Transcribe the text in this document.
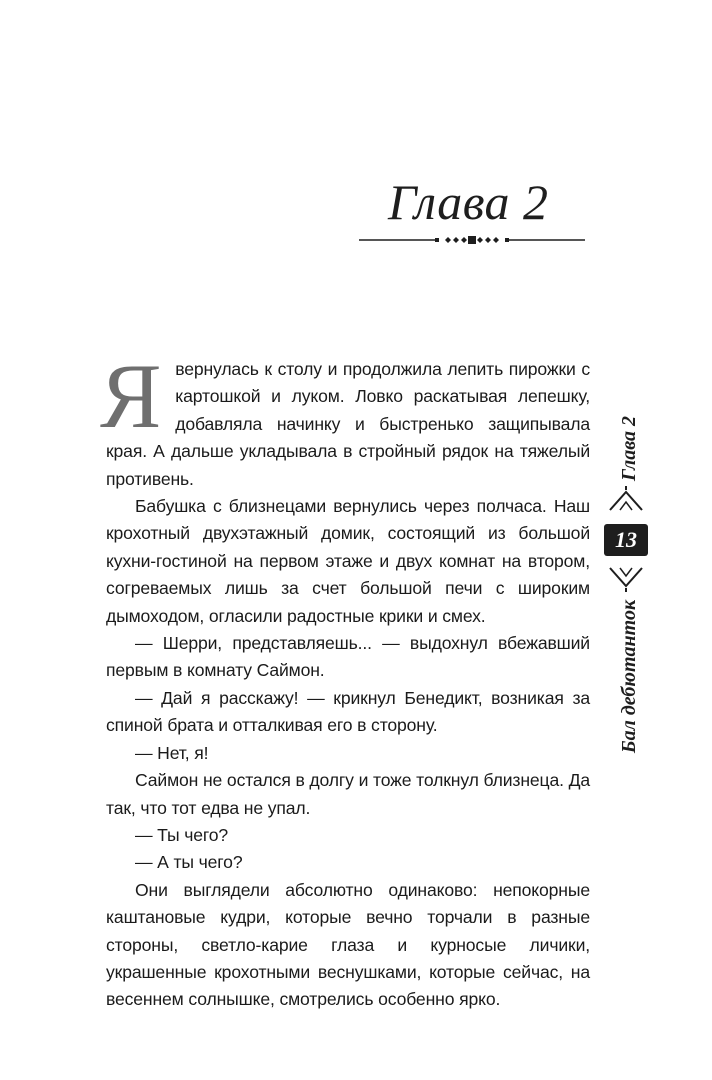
Глава 2

Явернулась к столу и продолжила лепить пирожки с картошкой и луком. Ловко раскатывая лепешку, добавляла начинку и быстренько защипывала края. А дальше укладывала в стройный рядок на тяжелый противень.

Бабушка с близнецами вернулись через полчаса. Наш крохотный двухэтажный домик, состоящий из большой кухни-гостиной на первом этаже и двух комнат на втором, согреваемых лишь за счет большой печи с широким дымоходом, огласили радостные крики и смех.

— Шерри, представляешь... — выдохнул вбежавший первым в комнату Саймон.

— Дай я расскажу! — крикнул Бенедикт, возникая за спиной брата и отталкивая его в сторону.

— Нет, я!

Саймон не остался в долгу и тоже толкнул близнеца. Да так, что тот едва не упал.

— Ты чего?

— А ты чего?

Они выглядели абсолютно одинаково: непокорные каштановые кудри, которые вечно торчали в разные стороны, светло-карие глаза и курносые личики, украшенные крохотными веснушками, которые сейчас, на весеннем солнышке, смотрелись особенно ярко.

Глава 2
Бал дебютанток
13
